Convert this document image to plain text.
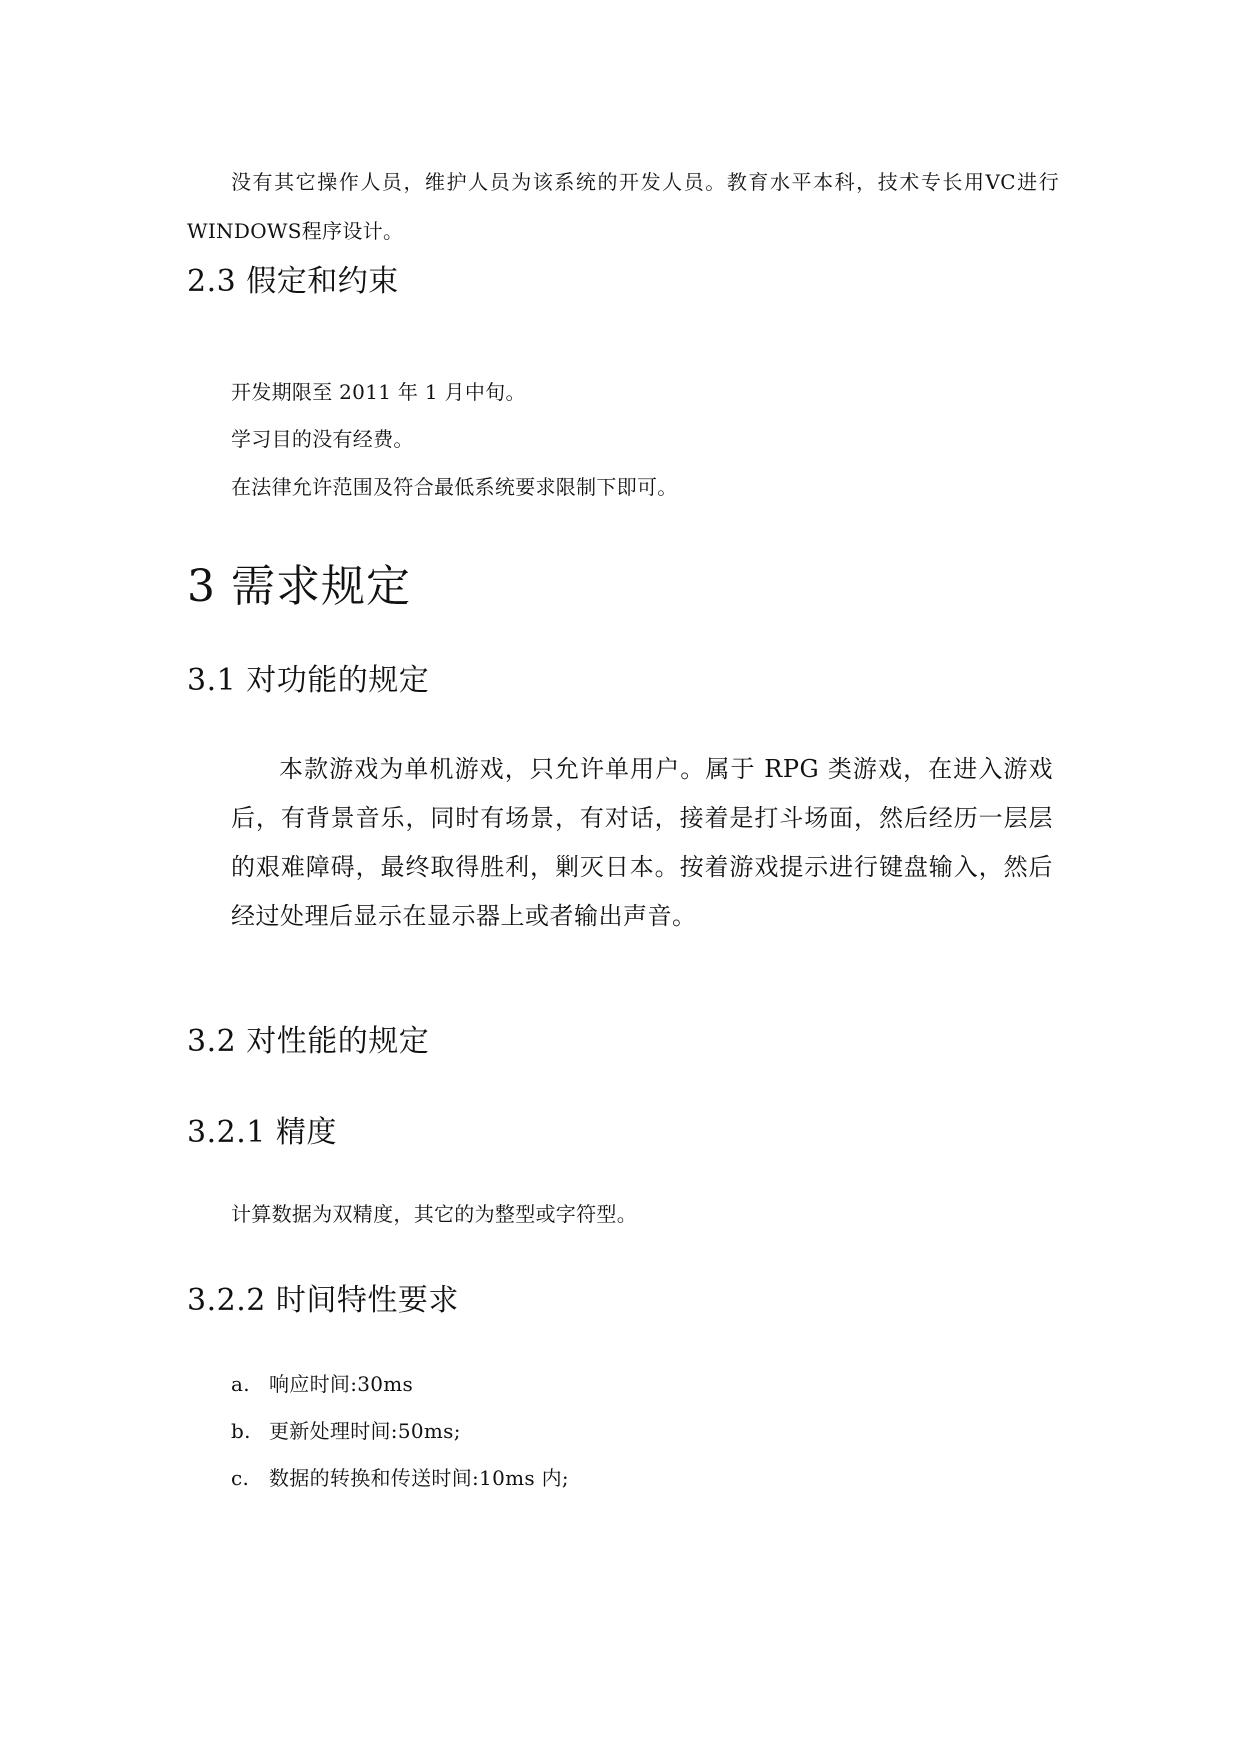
没有其它操作人员，维护人员为该系统的开发人员。教育水平本科，技术专长用VC进行WINDOWS程序设计。

2.3 假定和约束
开发期限至 2011 年 1 月中旬。
学习目的没有经费。
在法律允许范围及符合最低系统要求限制下即可。
3 需求规定
3.1 对功能的规定

本款游戏为单机游戏，只允许单用户。属于 RPG 类游戏，在进入游戏后，有背景音乐，同时有场景，有对话，接着是打斗场面，然后经历一层层的艰难障碍，最终取得胜利，剿灭日本。按着游戏提示进行键盘输入，然后经过处理后显示在显示器上或者输出声音。

3.2 对性能的规定
3.2.1 精度
计算数据为双精度，其它的为整型或字符型。
3.2.2 时间特性要求
a. 响应时间:30ms
b. 更新处理时间:50ms;
c. 数据的转换和传送时间:10ms 内;
